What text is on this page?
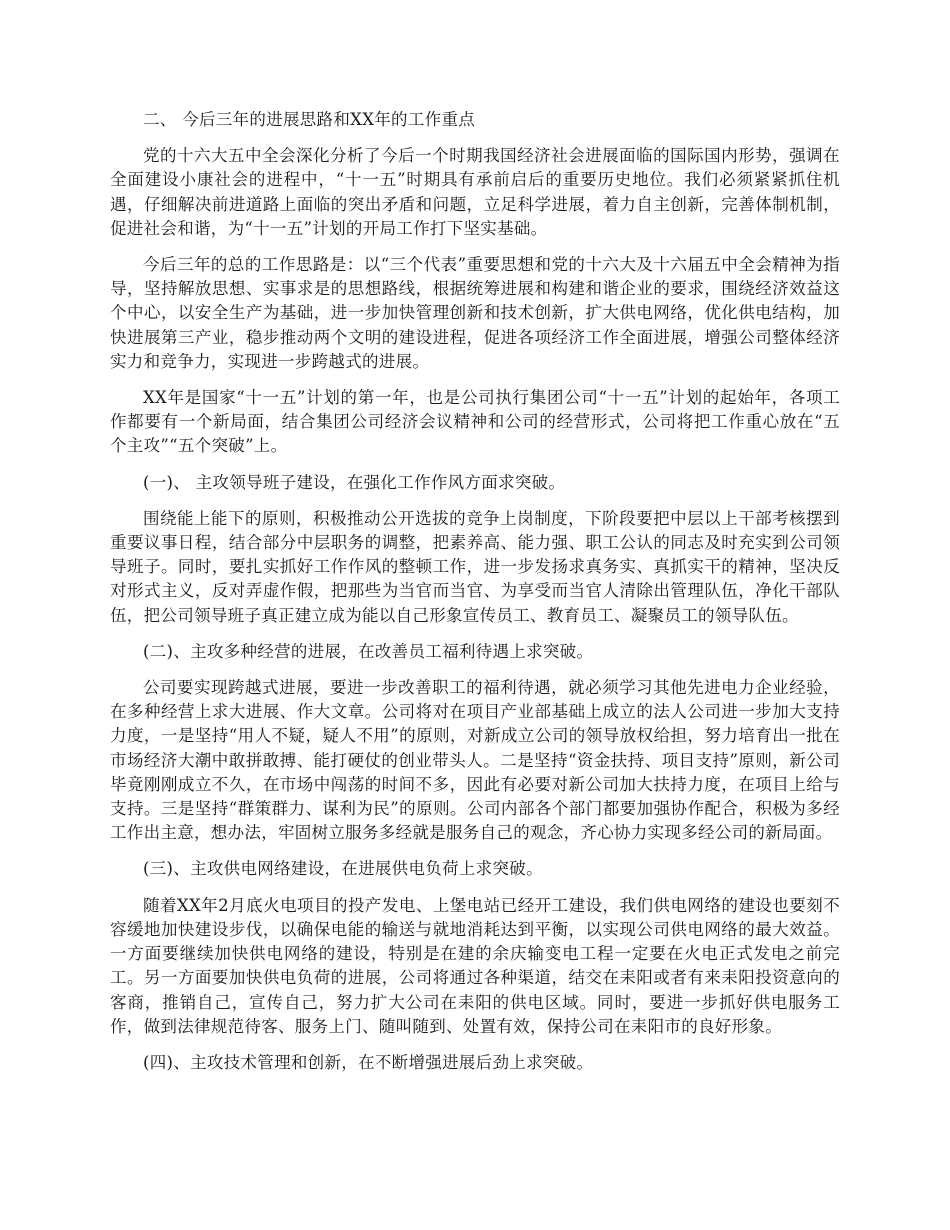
二、 今后三年的进展思路和XX年的工作重点

党的十六大五中全会深化分析了今后一个时期我国经济社会进展面临的国际国内形势，强调在全面建设小康社会的进程中，“十一五”时期具有承前启后的重要历史地位。我们必须紧紧抓住机遇，仔细解决前进道路上面临的突出矛盾和问题，立足科学进展，着力自主创新，完善体制机制，促进社会和谐，为“十一五”计划的开局工作打下坚实基础。

今后三年的总的工作思路是：以“三个代表”重要思想和党的十六大及十六届五中全会精神为指导，坚持解放思想、实事求是的思想路线，根据统筹进展和构建和谐企业的要求，围绕经济效益这个中心，以安全生产为基础，进一步加快管理创新和技术创新，扩大供电网络，优化供电结构，加快进展第三产业，稳步推动两个文明的建设进程，促进各项经济工作全面进展，增强公司整体经济实力和竞争力，实现进一步跨越式的进展。

XX年是国家“十一五”计划的第一年，也是公司执行集团公司“十一五”计划的起始年，各项工作都要有一个新局面，结合集团公司经济会议精神和公司的经营形式，公司将把工作重心放在“五个主攻”“五个突破”上。

(一)、 主攻领导班子建设，在强化工作作风方面求突破。

围绕能上能下的原则，积极推动公开选拔的竞争上岗制度，下阶段要把中层以上干部考核摆到重要议事日程，结合部分中层职务的调整，把素养高、能力强、职工公认的同志及时充实到公司领导班子。同时，要扎实抓好工作作风的整顿工作，进一步发扬求真务实、真抓实干的精神，坚决反对形式主义，反对弄虚作假，把那些为当官而当官、为享受而当官人清除出管理队伍，净化干部队伍，把公司领导班子真正建立成为能以自己形象宣传员工、教育员工、凝聚员工的领导队伍。

(二)、主攻多种经营的进展，在改善员工福利待遇上求突破。

公司要实现跨越式进展，要进一步改善职工的福利待遇，就必须学习其他先进电力企业经验，在多种经营上求大进展、作大文章。公司将对在项目产业部基础上成立的法人公司进一步加大支持力度，一是坚持“用人不疑，疑人不用”的原则，对新成立公司的领导放权给担，努力培育出一批在市场经济大潮中敢拼敢搏、能打硬仗的创业带头人。二是坚持“资金扶持、项目支持”原则，新公司毕竟刚刚成立不久，在市场中闯荡的时间不多，因此有必要对新公司加大扶持力度，在项目上给与支持。三是坚持“群策群力、谋利为民”的原则。公司内部各个部门都要加强协作配合，积极为多经工作出主意，想办法，牢固树立服务多经就是服务自己的观念，齐心协力实现多经公司的新局面。

(三)、主攻供电网络建设，在进展供电负荷上求突破。

随着XX年2月底火电项目的投产发电、上堡电站已经开工建设，我们供电网络的建设也要刻不容缓地加快建设步伐，以确保电能的输送与就地消耗达到平衡，以实现公司供电网络的最大效益。一方面要继续加快供电网络的建设，特别是在建的余庆输变电工程一定要在火电正式发电之前完工。另一方面要加快供电负荷的进展，公司将通过各种渠道，结交在耒阳或者有来耒阳投资意向的客商，推销自己，宣传自己，努力扩大公司在耒阳的供电区域。同时，要进一步抓好供电服务工作，做到法律规范待客、服务上门、随叫随到、处置有效，保持公司在耒阳市的良好形象。

(四)、主攻技术管理和创新，在不断增强进展后劲上求突破。
